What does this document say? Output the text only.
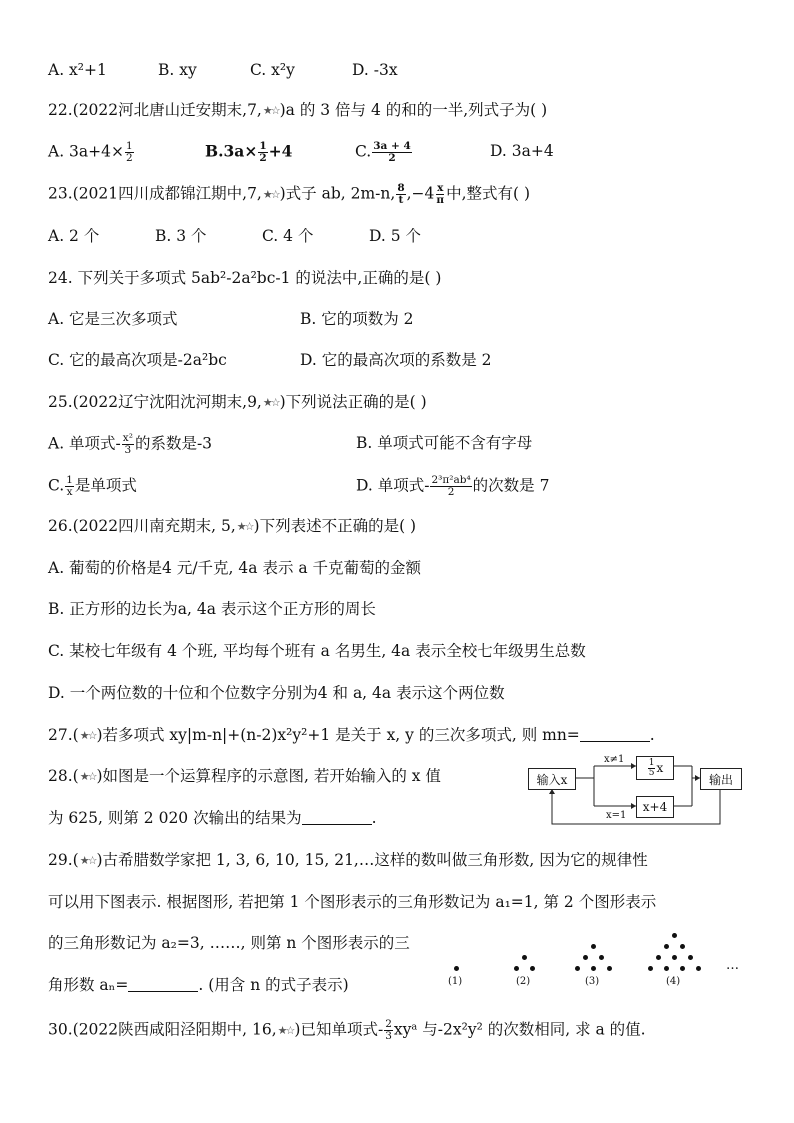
A. x²+1	B. xy	C. x²y	D. -3x
22.(2022河北唐山迁安期末,7,★☆)a 的 3 倍与 4 的和的一半,列式子为( )
A. $3a+4\times \frac{1}{2}$	$B.3a\times \frac{1}{2} +4$	C. $\frac{3a + 4}{2}$	D. 3a+4
23.(2021四川成都锦江期中,7,★☆)式子 ab, 2m-n, $\frac{8}{t} ,-4 \frac{x}{\pi}$ 中,整式有( )
A. 2 个	B. 3 个	C. 4 个	D. 5 个
24. 下列关于多项式 5ab²-2a²bc-1 的说法中,正确的是( )
A. 它是三次多项式	B. 它的项数为 2
C. 它的最高次项是-2a²bc	D. 它的最高次项的系数是 2
25.(2022辽宁沈阳沈河期末,9,★☆)下列说法正确的是( )
A. 单项式- $\frac{\text{x²}}{3}$ 的系数是-3	B. 单项式可能不含有字母
C. $\frac{1}{x}$ 是单项式	D. 单项式- $\frac{\text{2³π²ab⁴}}{2}$ 的次数是 7
26.(2022四川南充期末, 5,★☆)下列表述不正确的是( )
A. 葡萄的价格是4 元/千克, 4a 表示 a 千克葡萄的金额
B. 正方形的边长为a, 4a 表示这个正方形的周长
C. 某校七年级有 4 个班, 平均每个班有 a 名男生, 4a 表示全校七年级男生总数
D. 一个两位数的十位和个位数字分别为4 和 a, 4a 表示这个两位数
27.(★☆)若多项式 xy|m-n|+(n-2)x²y²+1 是关于 x, y 的三次多项式, 则 mn=	.
28.(★☆)如图是一个运算程序的示意图, 若开始输入的 x 值
为 625, 则第 2 020 次输出的结果为	.
输入x
x≠1	$\frac{1}{5}$ x
x=1
x+4
输出
29.(★☆)古希腊数学家把 1, 3, 6, 10, 15, 21,…这样的数叫做三角形数, 因为它的规律性
可以用下图表示. 根据图形, 若把第 1 个图形表示的三角形数记为 a₁=1, 第 2 个图形表示
的三角形数记为 a₂=3, ……, 则第 n 个图形表示的三
角形数 aₙ=	. (用含 n 的式子表示)	(1)	(2)	(3)	(4)
…
30.(2022陕西咸阳泾阳期中, 16,★☆)已知单项式- $\frac{2}{3}$ xyᵃ 与-2x²y² 的次数相同, 求 a 的值.
